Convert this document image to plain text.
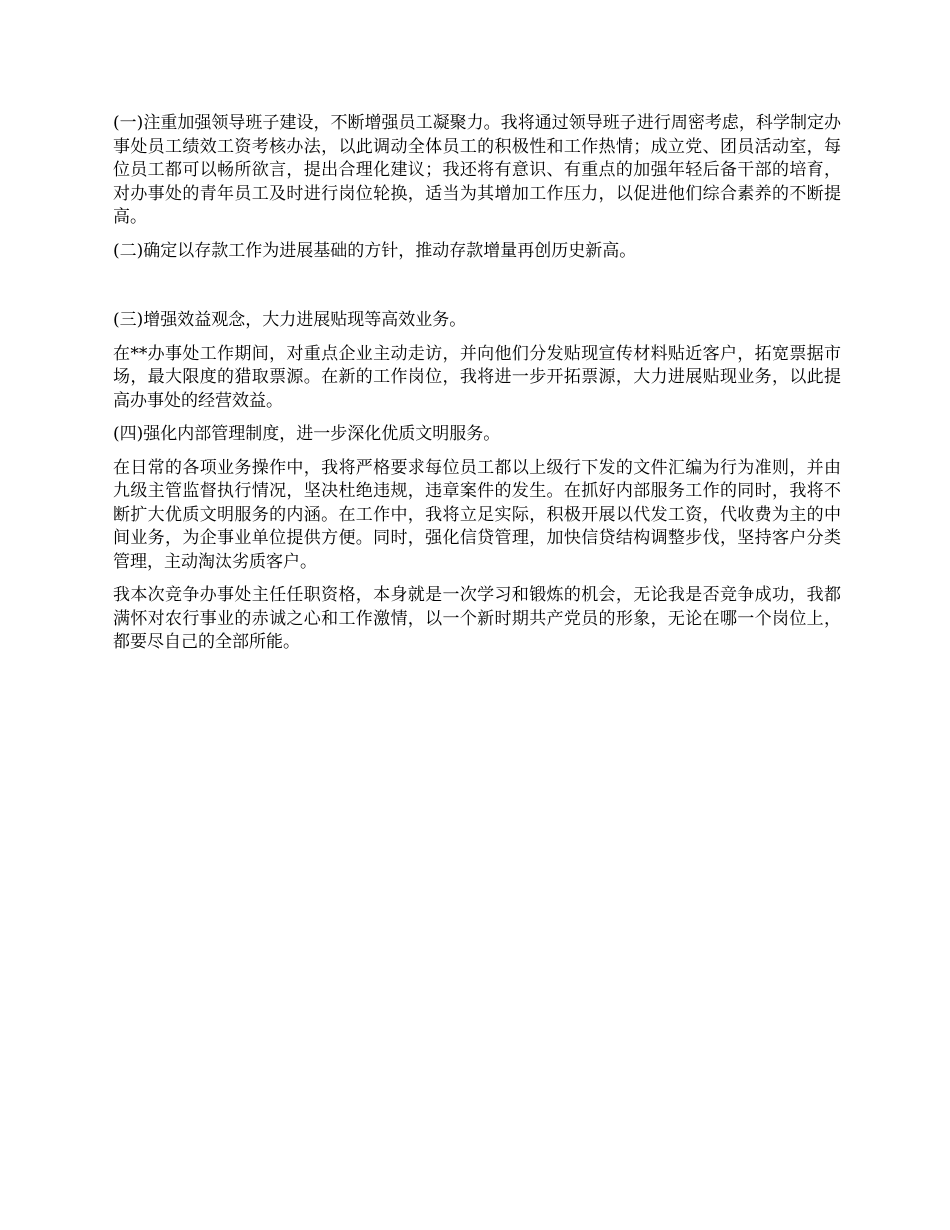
(一)注重加强领导班子建设，不断增强员工凝聚力。我将通过领导班子进行周密考虑，科学制定办事处员工绩效工资考核办法，以此调动全体员工的积极性和工作热情；成立党、团员活动室，每位员工都可以畅所欲言，提出合理化建议；我还将有意识、有重点的加强年轻后备干部的培育，对办事处的青年员工及时进行岗位轮换，适当为其增加工作压力，以促进他们综合素养的不断提高。

(二)确定以存款工作为进展基础的方针，推动存款增量再创历史新高。

(三)增强效益观念，大力进展贴现等高效业务。

在**办事处工作期间，对重点企业主动走访，并向他们分发贴现宣传材料贴近客户，拓宽票据市场，最大限度的猎取票源。在新的工作岗位，我将进一步开拓票源，大力进展贴现业务，以此提高办事处的经营效益。

(四)强化内部管理制度，进一步深化优质文明服务。

在日常的各项业务操作中，我将严格要求每位员工都以上级行下发的文件汇编为行为准则，并由九级主管监督执行情况，坚决杜绝违规，违章案件的发生。在抓好内部服务工作的同时，我将不断扩大优质文明服务的内涵。在工作中，我将立足实际，积极开展以代发工资，代收费为主的中间业务，为企事业单位提供方便。同时，强化信贷管理，加快信贷结构调整步伐，坚持客户分类管理，主动淘汰劣质客户。

我本次竞争办事处主任任职资格，本身就是一次学习和锻炼的机会，无论我是否竞争成功，我都满怀对农行事业的赤诚之心和工作激情，以一个新时期共产党员的形象，无论在哪一个岗位上，都要尽自己的全部所能。
